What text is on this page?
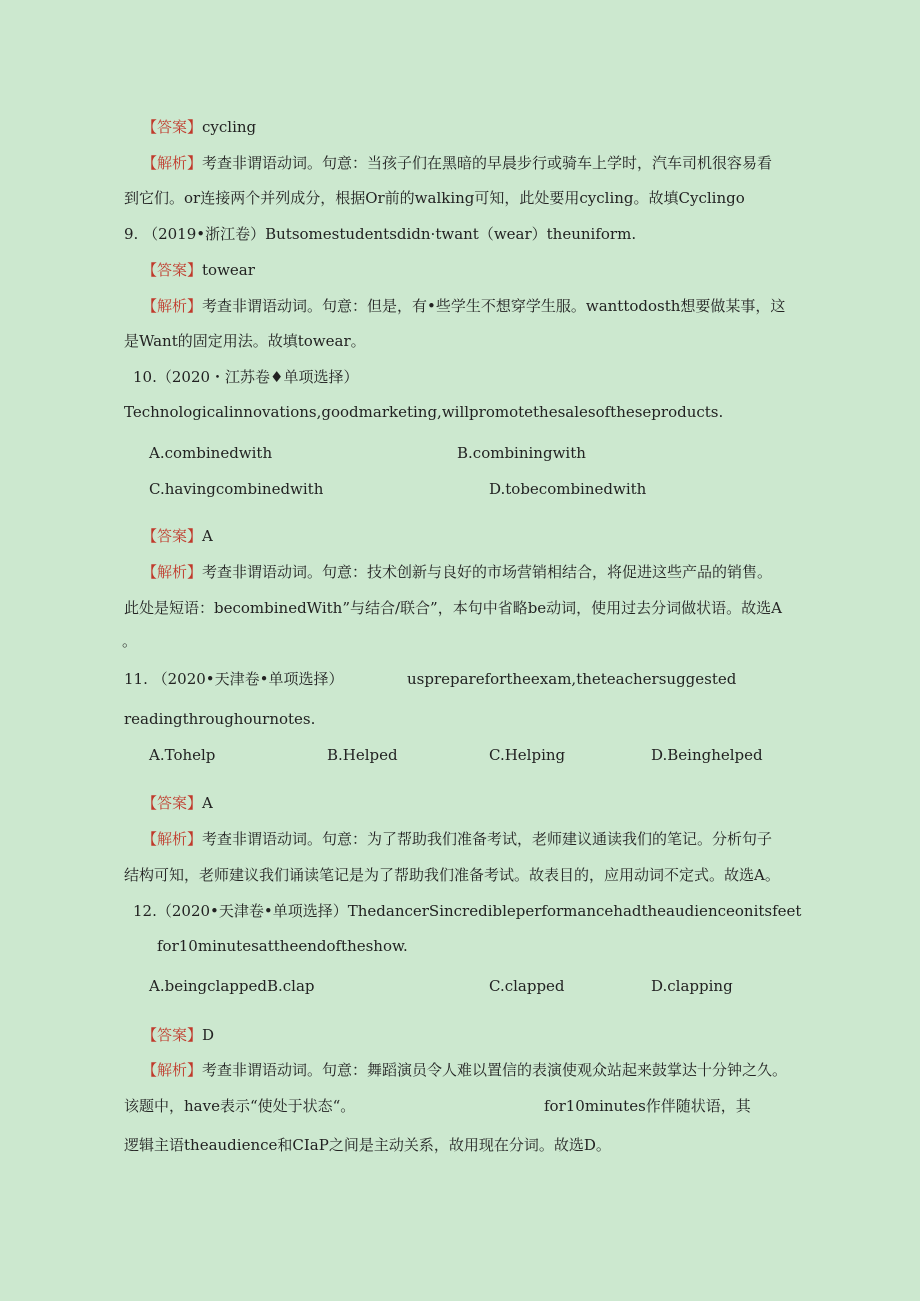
【答案】cycling
【解析】考查非谓语动词。句意：当孩子们在黑暗的早晨步行或骑车上学时，汽车司机很容易看
到它们。or连接两个并列成分，根据Or前的walking可知，此处要用cycling。故填Cyclingo
9. （2019•浙江卷）Butsomestudentsdidn·twant（wear）theuniform.
【答案】towear
【解析】考查非谓语动词。句意：但是，有•些学生不想穿学生服。wanttodosth想要做某事，这
是Want的固定用法。故填towear。
10.（2020・江苏卷♦单项选择）
Technologicalinnovations,goodmarketing,willpromotethesalesoftheseproducts.
A.combinedwith	B.combiningwith
C.havingcombinedwith	D.tobecombinedwith
【答案】A
【解析】考查非谓语动词。句意：技术创新与良好的市场营销相结合，将促进这些产品的销售。
此处是短语：becombinedWith”与结合/联合”，本句中省略be动词，使用过去分词做状语。故选A
。
11. （2020•天津卷•单项选择）	uspreparefortheexam,theteachersuggested
readingthroughournotes.
A.Tohelp	B.Helped	C.Helping	D.Beinghelped
【答案】A
【解析】考查非谓语动词。句意：为了帮助我们准备考试，老师建议通读我们的笔记。分析句子
结构可知，老师建议我们诵读笔记是为了帮助我们准备考试。故表目的，应用动词不定式。故选A。
12.（2020•天津卷•单项选择）ThedancerSincredibleperformancehadtheaudienceonitsfeet
for10minutesattheendoftheshow.
A.beingclappedB.clap	C.clapped	D.clapping
【答案】D
【解析】考查非谓语动词。句意：舞蹈演员令人难以置信的表演使观众站起来鼓掌达十分钟之久。
该题中，have表示“使处于状态“。	for10minutes作伴随状语，其
逻辑主语theaudience和CIaP之间是主动关系，故用现在分词。故选D。
